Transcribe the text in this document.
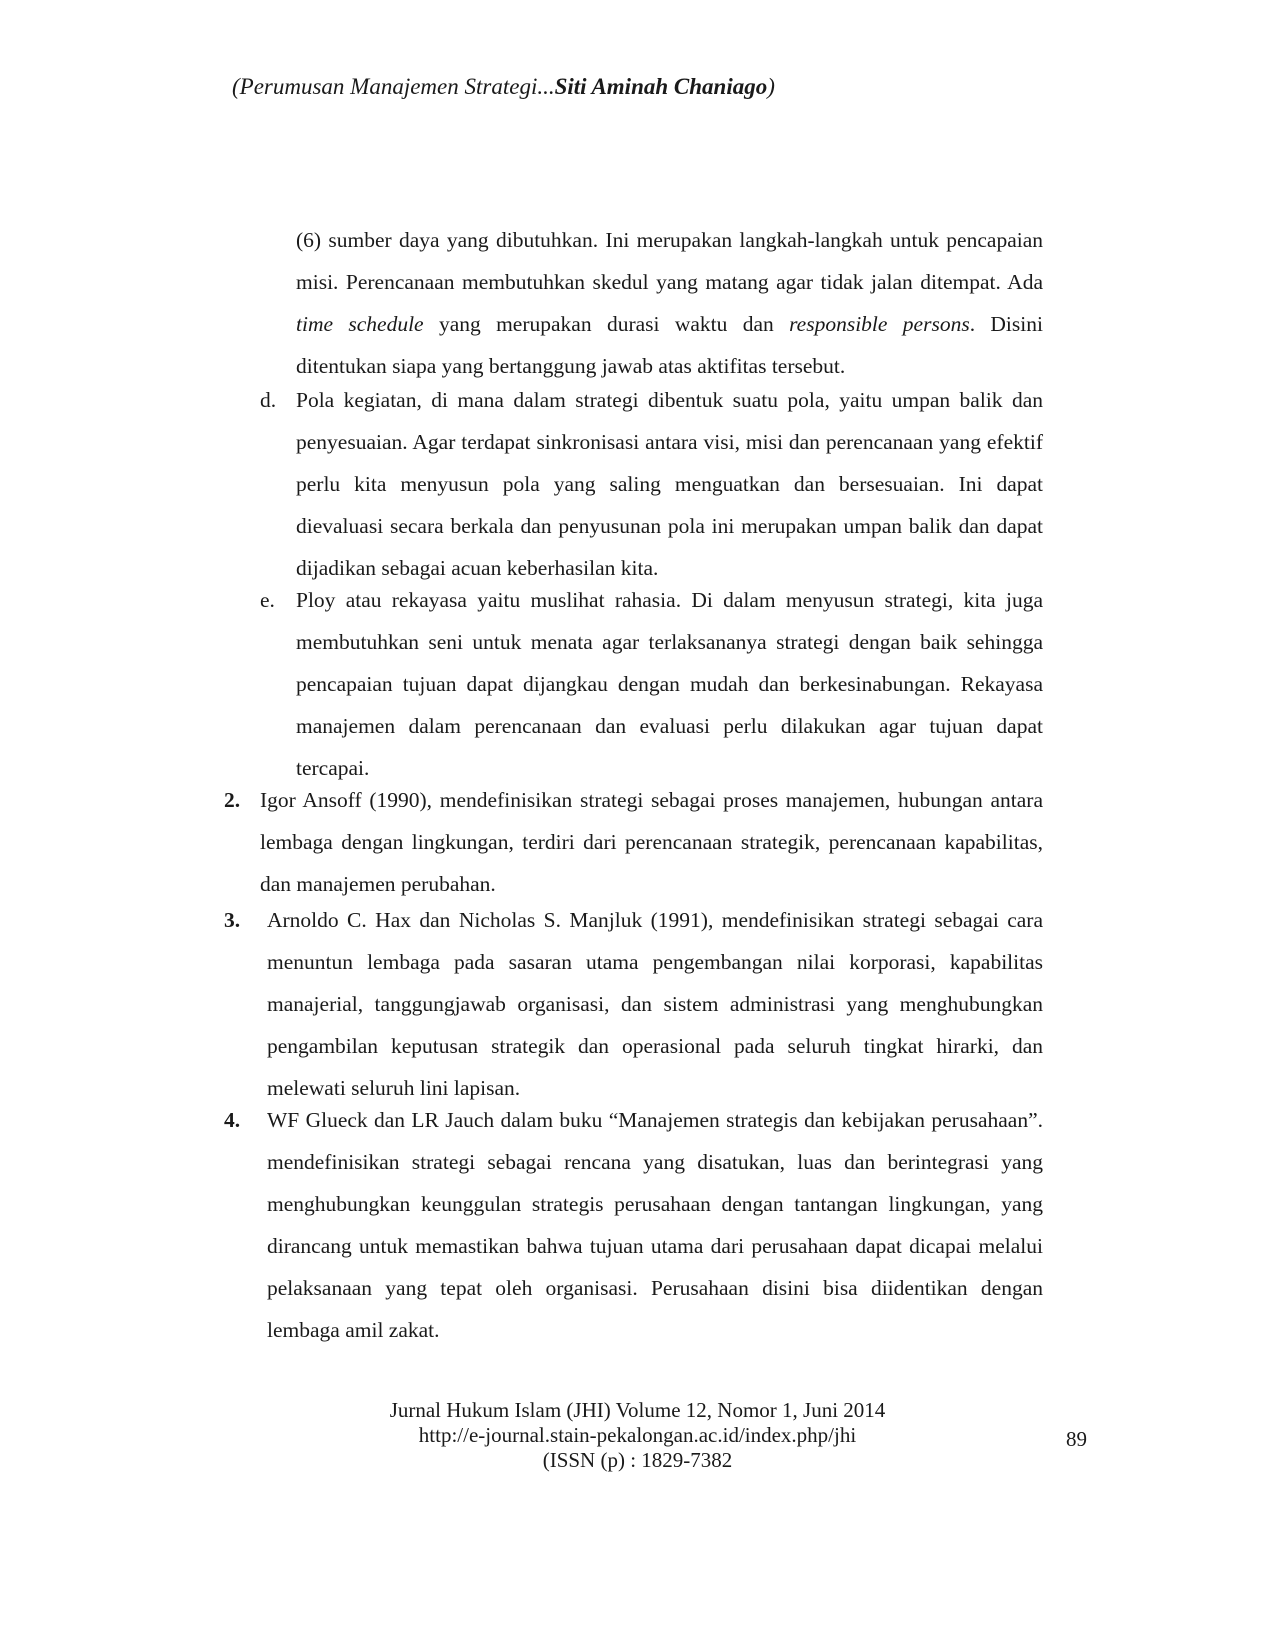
(Perumusan Manajemen Strategi...Siti Aminah Chaniago)
(6) sumber daya yang dibutuhkan. Ini merupakan langkah-langkah untuk pencapaian misi. Perencanaan membutuhkan skedul yang matang agar tidak jalan ditempat. Ada time schedule yang merupakan durasi waktu dan responsible persons. Disini ditentukan siapa yang bertanggung jawab atas aktifitas tersebut.
d. Pola kegiatan, di mana dalam strategi dibentuk suatu pola, yaitu umpan balik dan penyesuaian. Agar terdapat sinkronisasi antara visi, misi dan perencanaan yang efektif perlu kita menyusun pola yang saling menguatkan dan bersesuaian. Ini dapat dievaluasi secara berkala dan penyusunan pola ini merupakan umpan balik dan dapat dijadikan sebagai acuan keberhasilan kita.
e. Ploy atau rekayasa yaitu muslihat rahasia. Di dalam menyusun strategi, kita juga membutuhkan seni untuk menata agar terlaksananya strategi dengan baik sehingga pencapaian tujuan dapat dijangkau dengan mudah dan berkesinabungan. Rekayasa manajemen dalam perencanaan dan evaluasi perlu dilakukan agar tujuan dapat tercapai.
2. Igor Ansoff (1990), mendefinisikan strategi sebagai proses manajemen, hubungan antara lembaga dengan lingkungan, terdiri dari perencanaan strategik, perencanaan kapabilitas, dan manajemen perubahan.
3. Arnoldo C. Hax dan Nicholas S. Manjluk (1991), mendefinisikan strategi sebagai cara menuntun lembaga pada sasaran utama pengembangan nilai korporasi, kapabilitas manajerial, tanggungjawab organisasi, dan sistem administrasi yang menghubungkan pengambilan keputusan strategik dan operasional pada seluruh tingkat hirarki, dan melewati seluruh lini lapisan.
4. WF Glueck dan LR Jauch dalam buku “Manajemen strategis dan kebijakan perusahaan”. mendefinisikan strategi sebagai rencana yang disatukan, luas dan berintegrasi yang menghubungkan keunggulan strategis perusahaan dengan tantangan lingkungan, yang dirancang untuk memastikan bahwa tujuan utama dari perusahaan dapat dicapai melalui pelaksanaan yang tepat oleh organisasi. Perusahaan disini bisa diidentikan dengan lembaga amil zakat.
89
Jurnal Hukum Islam (JHI) Volume 12, Nomor 1, Juni 2014
http://e-journal.stain-pekalongan.ac.id/index.php/jhi
(ISSN (p) : 1829-7382
